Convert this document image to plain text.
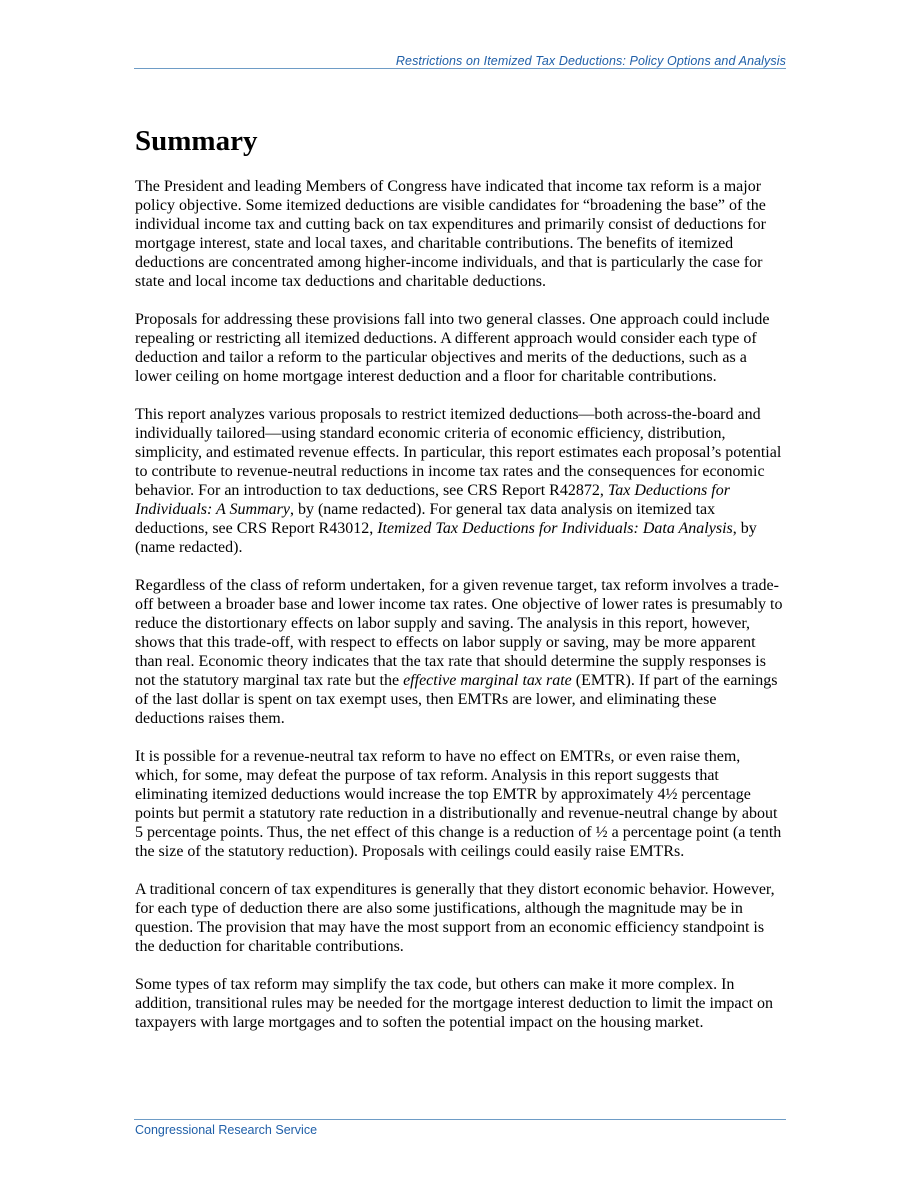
Restrictions on Itemized Tax Deductions: Policy Options and Analysis
Summary

The President and leading Members of Congress have indicated that income tax reform is a major policy objective. Some itemized deductions are visible candidates for “broadening the base” of the individual income tax and cutting back on tax expenditures and primarily consist of deductions for mortgage interest, state and local taxes, and charitable contributions. The benefits of itemized deductions are concentrated among higher-income individuals, and that is particularly the case for state and local income tax deductions and charitable deductions.

Proposals for addressing these provisions fall into two general classes. One approach could include repealing or restricting all itemized deductions. A different approach would consider each type of deduction and tailor a reform to the particular objectives and merits of the deductions, such as a lower ceiling on home mortgage interest deduction and a floor for charitable contributions.

This report analyzes various proposals to restrict itemized deductions—both across-the-board and individually tailored—using standard economic criteria of economic efficiency, distribution, simplicity, and estimated revenue effects. In particular, this report estimates each proposal’s potential to contribute to revenue-neutral reductions in income tax rates and the consequences for economic behavior. For an introduction to tax deductions, see CRS Report R42872, Tax Deductions for Individuals: A Summary, by (name redacted). For general tax data analysis on itemized tax deductions, see CRS Report R43012, Itemized Tax Deductions for Individuals: Data Analysis, by (name redacted).

Regardless of the class of reform undertaken, for a given revenue target, tax reform involves a trade-off between a broader base and lower income tax rates. One objective of lower rates is presumably to reduce the distortionary effects on labor supply and saving. The analysis in this report, however, shows that this trade-off, with respect to effects on labor supply or saving, may be more apparent than real. Economic theory indicates that the tax rate that should determine the supply responses is not the statutory marginal tax rate but the effective marginal tax rate (EMTR). If part of the earnings of the last dollar is spent on tax exempt uses, then EMTRs are lower, and eliminating these deductions raises them.

It is possible for a revenue-neutral tax reform to have no effect on EMTRs, or even raise them, which, for some, may defeat the purpose of tax reform. Analysis in this report suggests that eliminating itemized deductions would increase the top EMTR by approximately 4½ percentage points but permit a statutory rate reduction in a distributionally and revenue-neutral change by about 5 percentage points. Thus, the net effect of this change is a reduction of ½ a percentage point (a tenth the size of the statutory reduction). Proposals with ceilings could easily raise EMTRs.

A traditional concern of tax expenditures is generally that they distort economic behavior. However, for each type of deduction there are also some justifications, although the magnitude may be in question. The provision that may have the most support from an economic efficiency standpoint is the deduction for charitable contributions.

Some types of tax reform may simplify the tax code, but others can make it more complex. In addition, transitional rules may be needed for the mortgage interest deduction to limit the impact on taxpayers with large mortgages and to soften the potential impact on the housing market.

Congressional Research Service
